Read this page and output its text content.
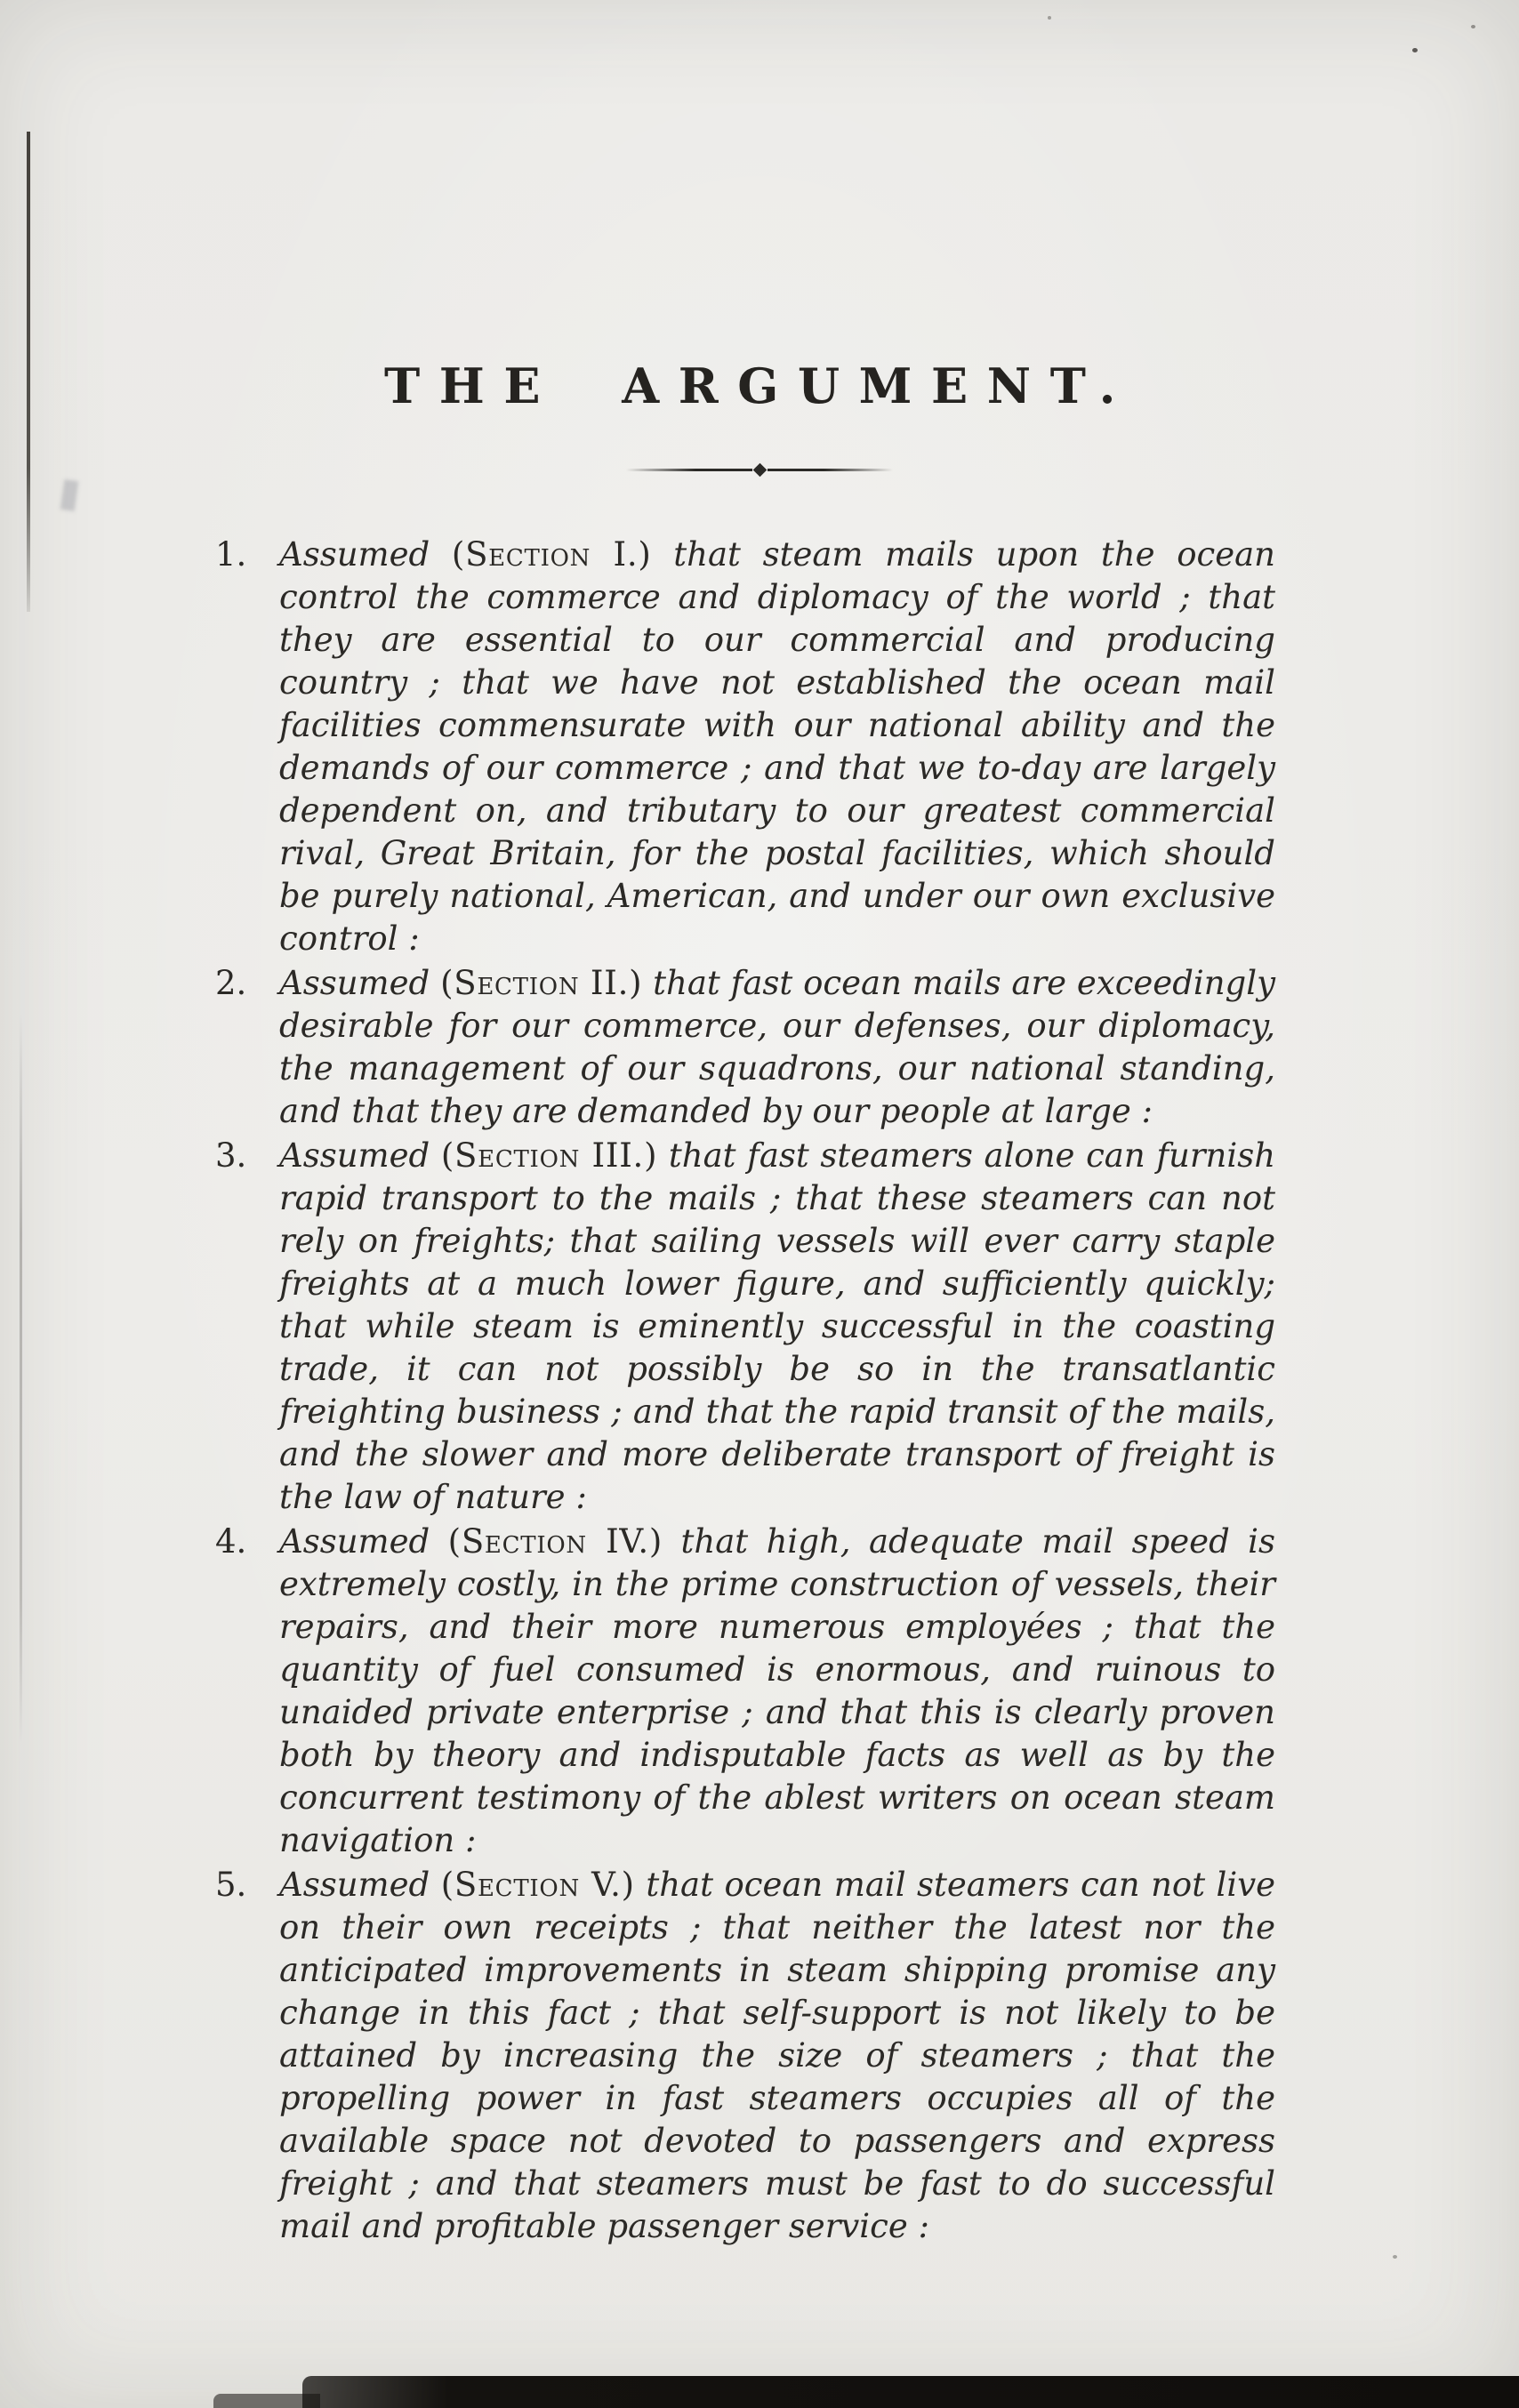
THE ARGUMENT.
1. Assumed (Section I.) that steam mails upon the ocean control the commerce and diplomacy of the world ; that they are essential to our commercial and producing country ; that we have not established the ocean mail facilities commensurate with our national ability and the demands of our commerce ; and that we to-day are largely dependent on, and tributary to our greatest commercial rival, Great Britain, for the postal facilities, which should be purely national, American, and under our own exclusive control :
2. Assumed (Section II.) that fast ocean mails are exceedingly desirable for our commerce, our defenses, our diplomacy, the management of our squadrons, our national standing, and that they are demanded by our people at large :
3. Assumed (Section III.) that fast steamers alone can furnish rapid transport to the mails ; that these steamers can not rely on freights; that sailing vessels will ever carry staple freights at a much lower figure, and sufficiently quickly; that while steam is eminently successful in the coasting trade, it can not possibly be so in the transatlantic freighting business ; and that the rapid transit of the mails, and the slower and more deliberate transport of freight is the law of nature :
4. Assumed (Section IV.) that high, adequate mail speed is extremely costly, in the prime construction of vessels, their repairs, and their more numerous employées ; that the quantity of fuel consumed is enormous, and ruinous to unaided private enterprise ; and that this is clearly proven both by theory and indisputable facts as well as by the concurrent testimony of the ablest writers on ocean steam navigation :
5. Assumed (Section V.) that ocean mail steamers can not live on their own receipts ; that neither the latest nor the anticipated improvements in steam shipping promise any change in this fact ; that self-support is not likely to be attained by increasing the size of steamers ; that the propelling power in fast steamers occupies all of the available space not devoted to passengers and express freight ; and that steamers must be fast to do successful mail and profitable passenger service :
